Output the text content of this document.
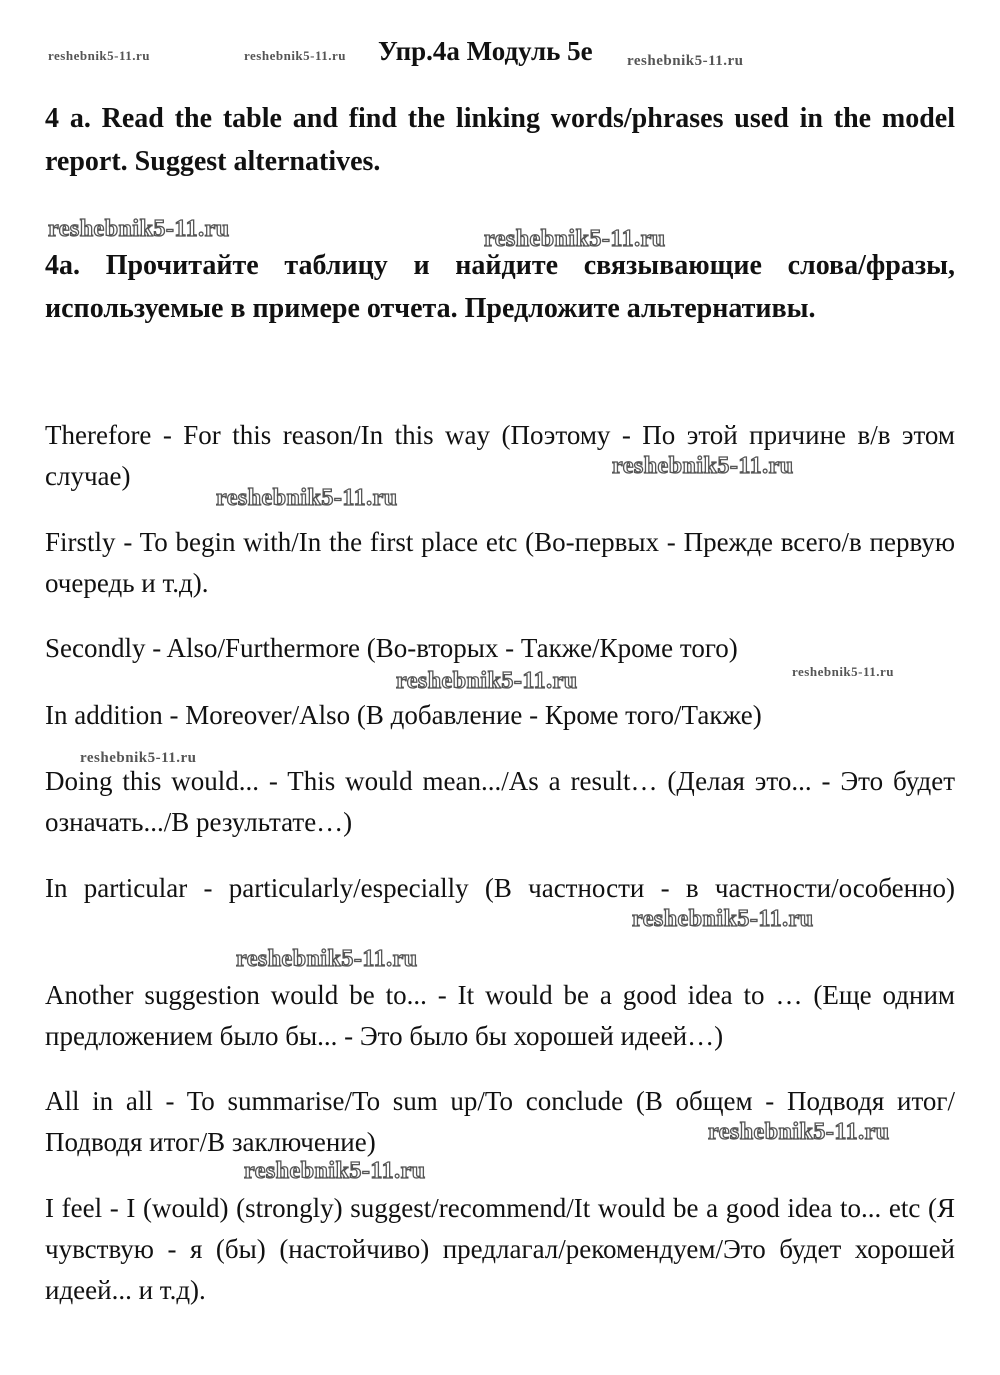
reshebnik5-11.ru	reshebnik5-11.ru Упр.4a Модуль 5e reshebnik5-11.ru

4 a. Read the table and find the linking words/phrases used in the model report. Suggest alternatives.

reshebnik5-11.ru	reshebnik5-11.ru

4а. Прочитайте таблицу и найдите связывающие слова/фразы, используемые в примере отчета. Предложите альтернативы.

Therefore - For this reason/In this way (Поэтому - По этой причине в/в этом случае)	reshebnik5-11.ru
reshebnik5-11.ru

Firstly - To begin with/In the first place etc (Во-первых - Прежде всего/в первую очередь и т.д).

Secondly - Also/Furthermore (Во-вторых - Также/Кроме того)

reshebnik5-11.ru
reshebnik5-11.ru

In addition - Moreover/Also (В добавление - Кроме того/Также)

reshebnik5-11.ru

Doing this would... - This would mean.../As a result… (Делая это... - Это будет означать.../В результате…)

In particular - particularly/especially (В частности - в частности/особенно)

reshebnik5-11.ru
reshebnik5-11.ru

Another suggestion would be to... - It would be a good idea to … (Еще одним предложением было бы... - Это было бы хорошей идеей…)

All in all - To summarise/To sum up/To conclude (В общем - Подводя итог/Подводя итог/В заключение)	reshebnik5-11.ru
reshebnik5-11.ru

I feel - I (would) (strongly) suggest/recommend/It would be a good idea to... etc (Я чувствую - я (бы) (настойчиво) предлагал/рекомендуем/Это будет хорошей идеей... и т.д).
